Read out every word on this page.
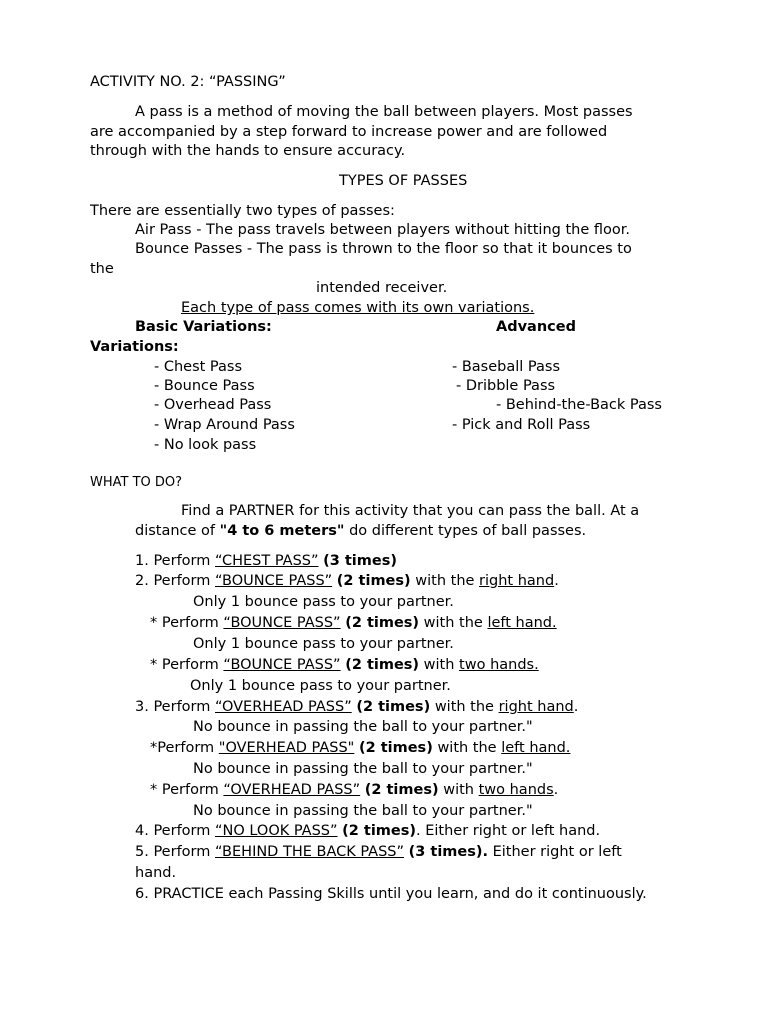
ACTIVITY NO. 2: “PASSING”
A pass is a method of moving the ball between players. Most passes
are accompanied by a step forward to increase power and are followed
through with the hands to ensure accuracy.
TYPES OF PASSES
There are essentially two types of passes:
Air Pass - The pass travels between players without hitting the floor.
Bounce Passes - The pass is thrown to the floor so that it bounces to
the
intended receiver.
Each type of pass comes with its own variations.
Basic Variations:	Advanced
Variations:
- Chest Pass
- Bounce Pass
- Overhead Pass
- Wrap Around Pass
- No look pass
- Baseball Pass
- Dribble Pass
- Behind-the-Back Pass
- Pick and Roll Pass
WHAT TO DO?
Find a PARTNER for this activity that you can pass the ball. At a
distance of "4 to 6 meters" do different types of ball passes.
1. Perform “CHEST PASS” (3 times)
2. Perform “BOUNCE PASS” (2 times) with the right hand.
Only 1 bounce pass to your partner.
* Perform “BOUNCE PASS” (2 times) with the left hand.
Only 1 bounce pass to your partner.
* Perform “BOUNCE PASS” (2 times) with two hands.
Only 1 bounce pass to your partner.
3. Perform “OVERHEAD PASS” (2 times) with the right hand.
No bounce in passing the ball to your partner."
*Perform "OVERHEAD PASS" (2 times) with the left hand.
No bounce in passing the ball to your partner."
* Perform “OVERHEAD PASS” (2 times) with two hands.
No bounce in passing the ball to your partner."
4. Perform “NO LOOK PASS” (2 times). Either right or left hand.
5. Perform “BEHIND THE BACK PASS” (3 times). Either right or left
hand.
6. PRACTICE each Passing Skills until you learn, and do it continuously.
